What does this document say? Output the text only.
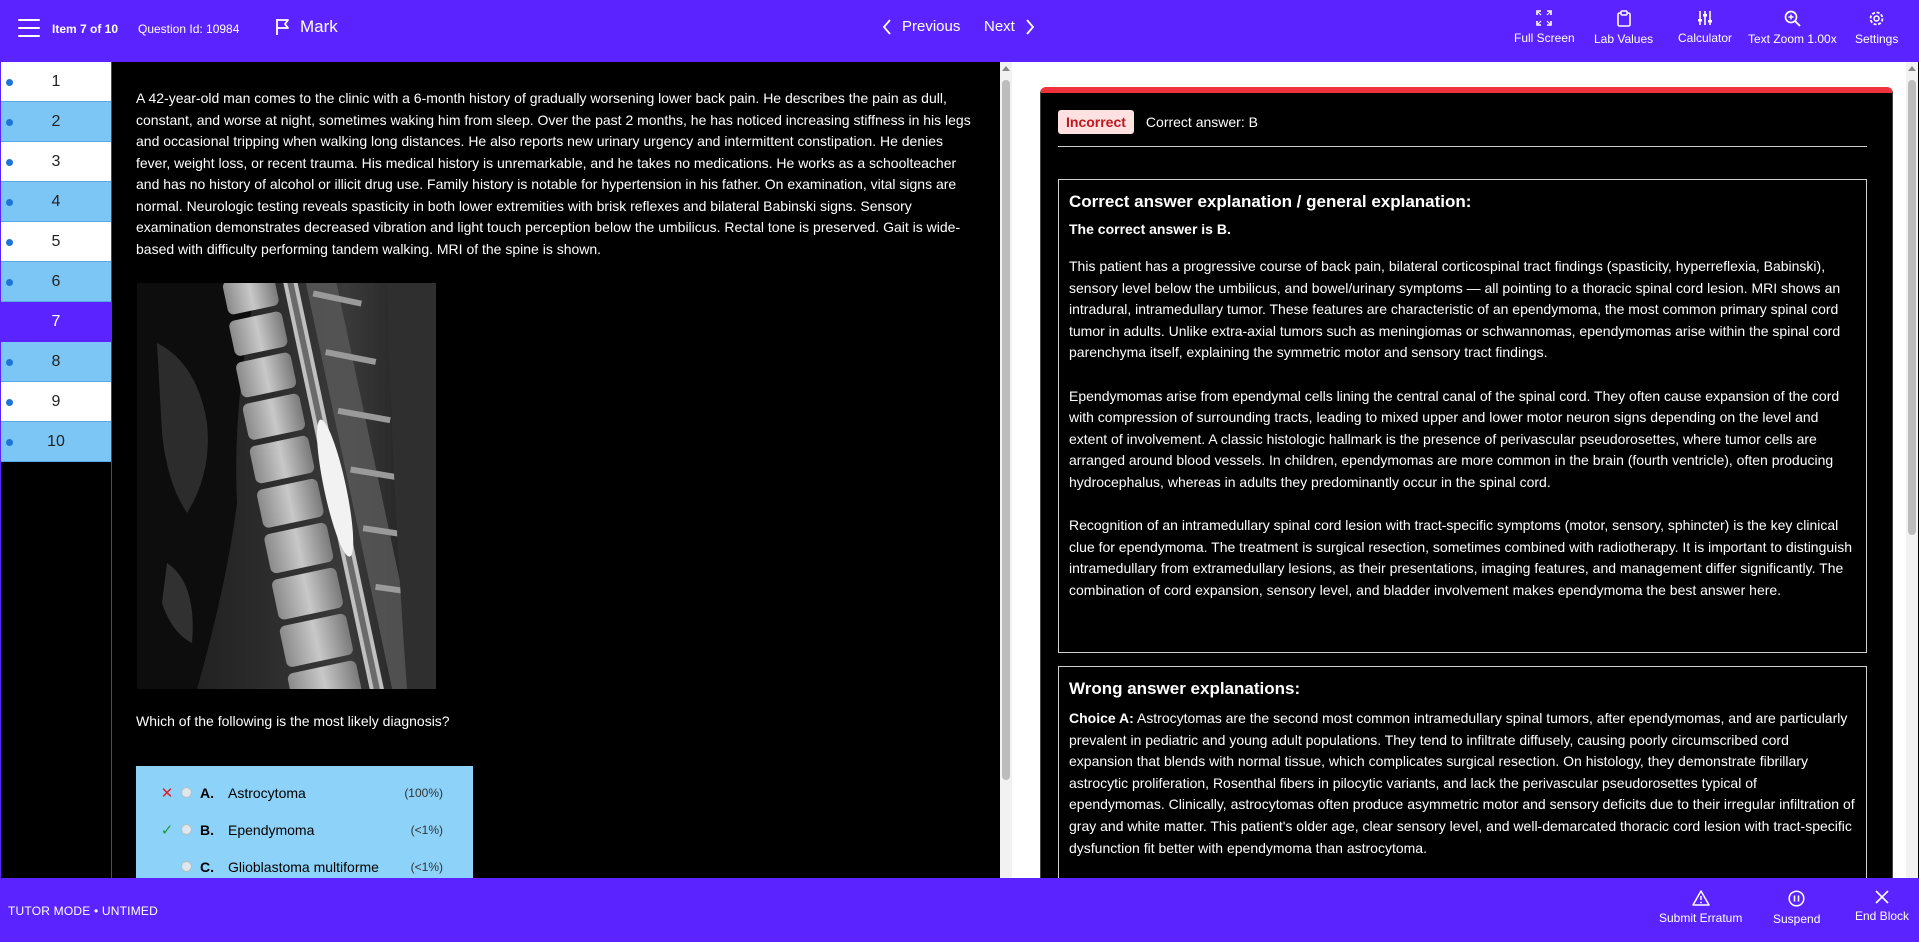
Item 7 of 10 Question Id: 10984	Mark	Previous Next
Full Screen Lab Values Calculator Text Zoom 1.00x Settings
1
2
3
4
5
6
7
8
9
10

A 42-year-old man comes to the clinic with a 6-month history of gradually worsening lower back pain. He describes the pain as dull, constant, and worse at night, sometimes waking him from sleep. Over the past 2 months, he has noticed increasing stiffness in his legs and occasional tripping when walking long distances. He also reports new urinary urgency and intermittent constipation. He denies fever, weight loss, or recent trauma. His medical history is unremarkable, and he takes no medications. He works as a schoolteacher and has no history of alcohol or illicit drug use. Family history is notable for hypertension in his father. On examination, vital signs are normal. Neurologic testing reveals spasticity in both lower extremities with brisk reflexes and bilateral Babinski signs. Sensory examination demonstrates decreased vibration and light touch perception below the umbilicus. Rectal tone is preserved. Gait is wide-based with difficulty performing tandem walking. MRI of the spine is shown.

Which of the following is the most likely diagnosis?

✕ A. Astrocytoma	(100%)
✓ B. Ependymoma	(<1%)
C. Glioblastoma multiforme	(<1%)
Incorrect	Correct answer: B
Correct answer explanation / general explanation:
The correct answer is B.

This patient has a progressive course of back pain, bilateral corticospinal tract findings (spasticity, hyperreflexia, Babinski), sensory level below the umbilicus, and bowel/urinary symptoms — all pointing to a thoracic spinal cord lesion. MRI shows an intradural, intramedullary tumor. These features are characteristic of an ependymoma, the most common primary spinal cord tumor in adults. Unlike extra-axial tumors such as meningiomas or schwannomas, ependymomas arise within the spinal cord parenchyma itself, explaining the symmetric motor and sensory tract findings.

Ependymomas arise from ependymal cells lining the central canal of the spinal cord. They often cause expansion of the cord with compression of surrounding tracts, leading to mixed upper and lower motor neuron signs depending on the level and extent of involvement. A classic histologic hallmark is the presence of perivascular pseudorosettes, where tumor cells are arranged around blood vessels. In children, ependymomas are more common in the brain (fourth ventricle), often producing hydrocephalus, whereas in adults they predominantly occur in the spinal cord.

Recognition of an intramedullary spinal cord lesion with tract-specific symptoms (motor, sensory, sphincter) is the key clinical clue for ependymoma. The treatment is surgical resection, sometimes combined with radiotherapy. It is important to distinguish intramedullary from extramedullary lesions, as their presentations, imaging features, and management differ significantly. The combination of cord expansion, sensory level, and bladder involvement makes ependymoma the best answer here.

Wrong answer explanations:

Choice A: Astrocytomas are the second most common intramedullary spinal tumors, after ependymomas, and are particularly prevalent in pediatric and young adult populations. They tend to infiltrate diffusely, causing poorly circumscribed cord expansion that blends with normal tissue, which complicates surgical resection. On histology, they demonstrate fibrillary astrocytic proliferation, Rosenthal fibers in pilocytic variants, and lack the perivascular pseudorosettes typical of ependymomas. Clinically, astrocytomas often produce asymmetric motor and sensory deficits due to their irregular infiltration of gray and white matter. This patient's older age, clear sensory level, and well-demarcated thoracic cord lesion with tract-specific dysfunction fit better with ependymoma than astrocytoma.

TUTOR MODE • UNTIMED	Submit Erratum	Suspend	End Block
